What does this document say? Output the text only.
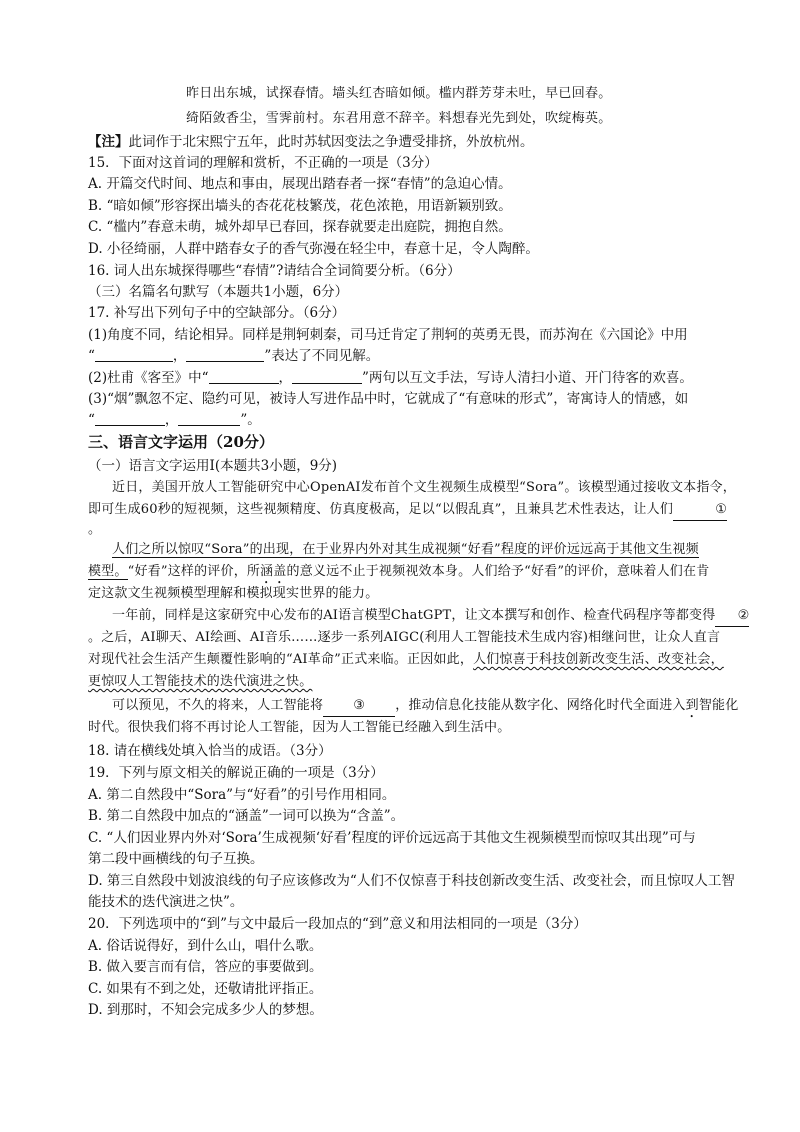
昨日出东城，试探春情。墙头红杏暗如倾。槛内群芳芽未吐，早已回春。
绮陌敛香尘，雪霁前村。东君用意不辞辛。料想春光先到处，吹绽梅英。
【注】此词作于北宋熙宁五年，此时苏轼因变法之争遭受排挤，外放杭州。
15．下面对这首词的理解和赏析，不正确的一项是（3分）
A. 开篇交代时间、地点和事由，展现出踏春者一探“春情”的急迫心情。
B. “暗如倾”形容探出墙头的杏花花枝繁茂，花色浓艳，用语新颖别致。
C. “槛内”春意未萌，城外却早已春回，探春就要走出庭院，拥抱自然。
D. 小径绮丽，人群中踏春女子的香气弥漫在轻尘中，春意十足，令人陶醉。
16. 词人出东城探得哪些“春情”?请结合全词简要分析。（6分）
（三）名篇名句默写（本题共1小题，6分）
17. 补写出下列句子中的空缺部分。（6分）
(1)角度不同，结论相异。同样是荆轲刺秦，司马迁肯定了荆轲的英勇无畏，而苏洵在《六国论》中用
“	，	”表达了不同见解。
(2)杜甫《客至》中“	，	”两句以互文手法，写诗人清扫小道、开门待客的欢喜。
(3)“烟”飘忽不定、隐约可见，被诗人写进作品中时，它就成了“有意味的形式”，寄寓诗人的情感，如
“	，	”。
三、语言文字运用（20分）
（一）语言文字运用Ⅰ(本题共3小题，9分)
近日，美国开放人工智能研究中心OpenAI发布首个文生视频生成模型“Sora”。该模型通过接收文本指令，
即可生成60秒的短视频，这些视频精度、仿真度极高，足以“以假乱真”，且兼具艺术性表达，让人们	①
。
人们之所以惊叹“Sora”的出现，在于业界内外对其生成视频“好看”程度的评价远远高于其他文生视频
模型。“好看”这样的评价，所涵盖的意义远不止于视频视效本身。人们给予“好看”的评价，意味着人们在肯
定这款文生视频模型理解和模拟现实世界的能力。
一年前，同样是这家研究中心发布的AI语言模型ChatGPT，让文本撰写和创作、检查代码程序等都变得 ②
。之后，AI聊天、AI绘画、AI音乐……逐步一系列AIGC(利用人工智能技术生成内容)相继问世，让众人直言
对现代社会生活产生颠覆性影响的“AI革命”正式来临。正因如此，人们惊喜于科技创新改变生活、改变社会，
更惊叹人工智能技术的迭代演进之快。
可以预见，不久的将来，人工智能将 ③ ，推动信息化技能从数字化、网络化时代全面进入到智能化
时代。很快我们将不再讨论人工智能，因为人工智能已经融入到生活中。
18. 请在横线处填入恰当的成语。（3分）
19．下列与原文相关的解说正确的一项是（3分）
A. 第二自然段中“Sora”与“好看”的引号作用相同。
B. 第二自然段中加点的“涵盖”一词可以换为“含盖”。
C. “人们因业界内外对‘Sora’生成视频‘好看’程度的评价远远高于其他文生视频模型而惊叹其出现”可与
第二段中画横线的句子互换。
D. 第三自然段中划波浪线的句子应该修改为“人们不仅惊喜于科技创新改变生活、改变社会，而且惊叹人工智
能技术的迭代演进之快”。
20．下列选项中的“到”与文中最后一段加点的“到”意义和用法相同的一项是（3分）
A. 俗话说得好，到什么山，唱什么歌。
B. 做入要言而有信，答应的事要做到。
C. 如果有不到之处，还敬请批评指正。
D. 到那时，不知会完成多少人的梦想。
